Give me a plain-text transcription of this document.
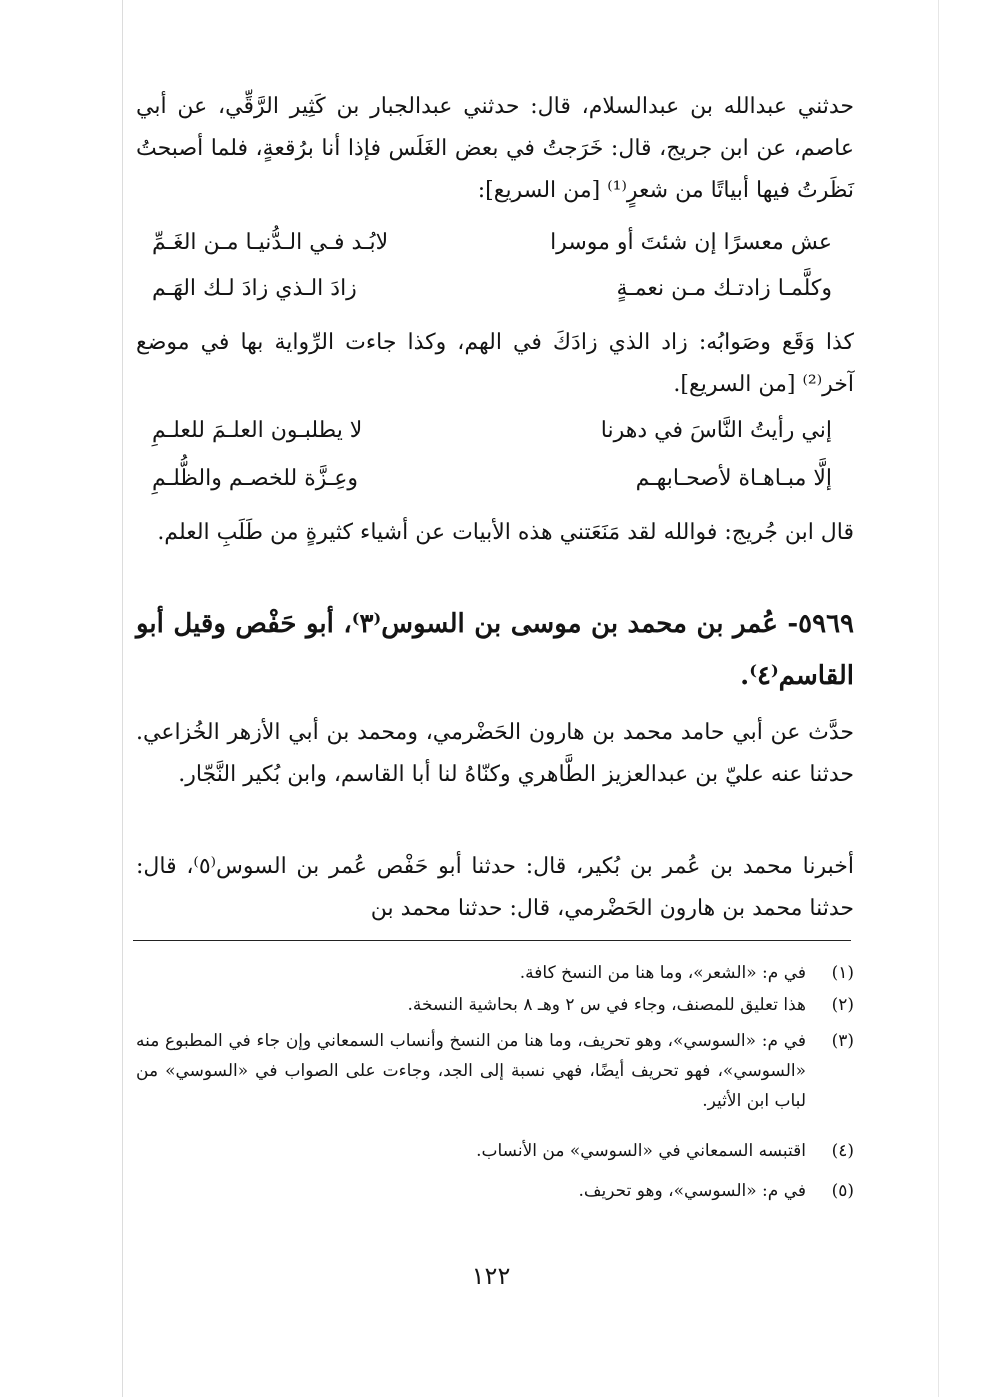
حدثني عبدالله بن عبدالسلام، قال: حدثني عبدالجبار بن كَثِير الرَّقِّي، عن أبي عاصم، عن ابن جريج، قال: خَرَجتُ في بعض الغَلَس فإذا أنا برُقعةٍ، فلما أصبحتُ نَظَرتُ فيها أبياتًا من شعرٍ⁽¹⁾ [من السريع]:
عش معسرًا إن شئتَ أو موسرا
لابُـد فـي الـدُّنيـا مـن الغَـمِّ
وكلَّمـا زادتـك مـن نعمـةٍ
زادَ الـذي زادَ لـك الهَـم
كذا وَقَع وصَوابُه: زاد الذي زادَكَ في الهم، وكذا جاءت الرِّواية بها في موضع آخر⁽²⁾ [من السريع].
إني رأيتُ النَّاسَ في دهرنا
لا يطلبـون العلـمَ للعلـمِ
إلَّا مبـاهـاة لأصحـابهـم
وعِـزَّة للخصـم والظُّلـمِ
قال ابن جُريج: فوالله لقد مَنَعَتني هذه الأبيات عن أشياء كثيرةٍ من طَلَبِ العلم.
٥٩٦٩- عُمر بن محمد بن موسى بن السوس⁽٣⁾، أبو حَفْص وقيل أبو القاسم⁽٤⁾.
حدَّث عن أبي حامد محمد بن هارون الحَضْرمي، ومحمد بن أبي الأزهر الخُزاعي. حدثنا عنه عليّ بن عبدالعزيز الطَّاهري وكنّاهُ لنا أبا القاسم، وابن بُكير النَّجّار.
أخبرنا محمد بن عُمر بن بُكير، قال: حدثنا أبو حَفْص عُمر بن السوس⁽٥⁾، قال: حدثنا محمد بن هارون الحَضْرمي، قال: حدثنا محمد بن
(١)
في م: «الشعر»، وما هنا من النسخ كافة.
(٢)
هذا تعليق للمصنف، وجاء في س ٢ وهـ ٨ بحاشية النسخة.
(٣)
في م: «السوسي»، وهو تحريف، وما هنا من النسخ وأنساب السمعاني وإن جاء في المطبوع منه «السوسي»، فهو تحريف أيضًا، فهي نسبة إلى الجد، وجاءت على الصواب في «السوسي» من لباب ابن الأثير.
(٤)
اقتبسه السمعاني في «السوسي» من الأنساب.
(٥)
في م: «السوسي»، وهو تحريف.
١٢٢
